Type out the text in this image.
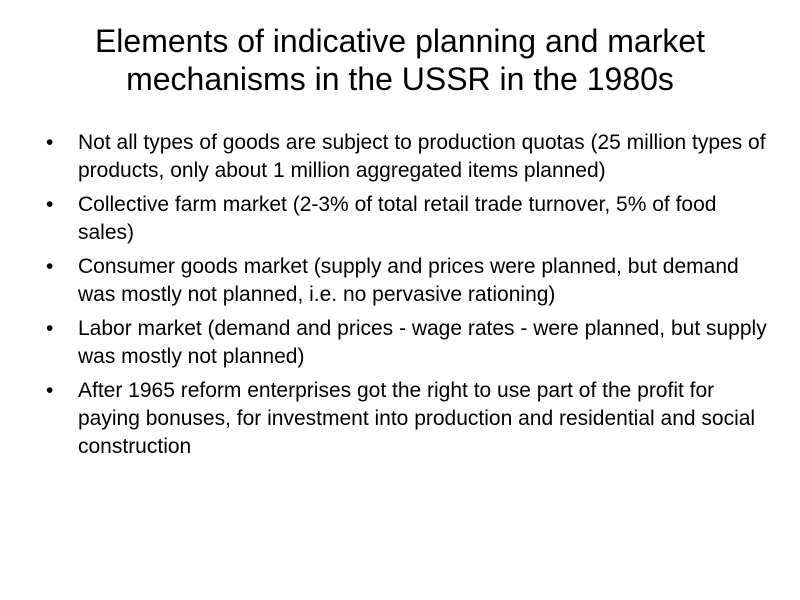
Elements of indicative planning and market mechanisms in the USSR in the 1980s
• Not all types of goods are subject to production quotas (25 million types of products, only about 1 million aggregated items planned)
• Collective farm market (2-3% of total retail trade turnover, 5% of food sales)
• Consumer goods market (supply and prices were planned, but demand was mostly not planned, i.e. no pervasive rationing)
• Labor market (demand and prices - wage rates - were planned, but supply was mostly not planned)
• After 1965 reform enterprises got the right to use part of the profit for paying bonuses, for investment into production and residential and social construction
